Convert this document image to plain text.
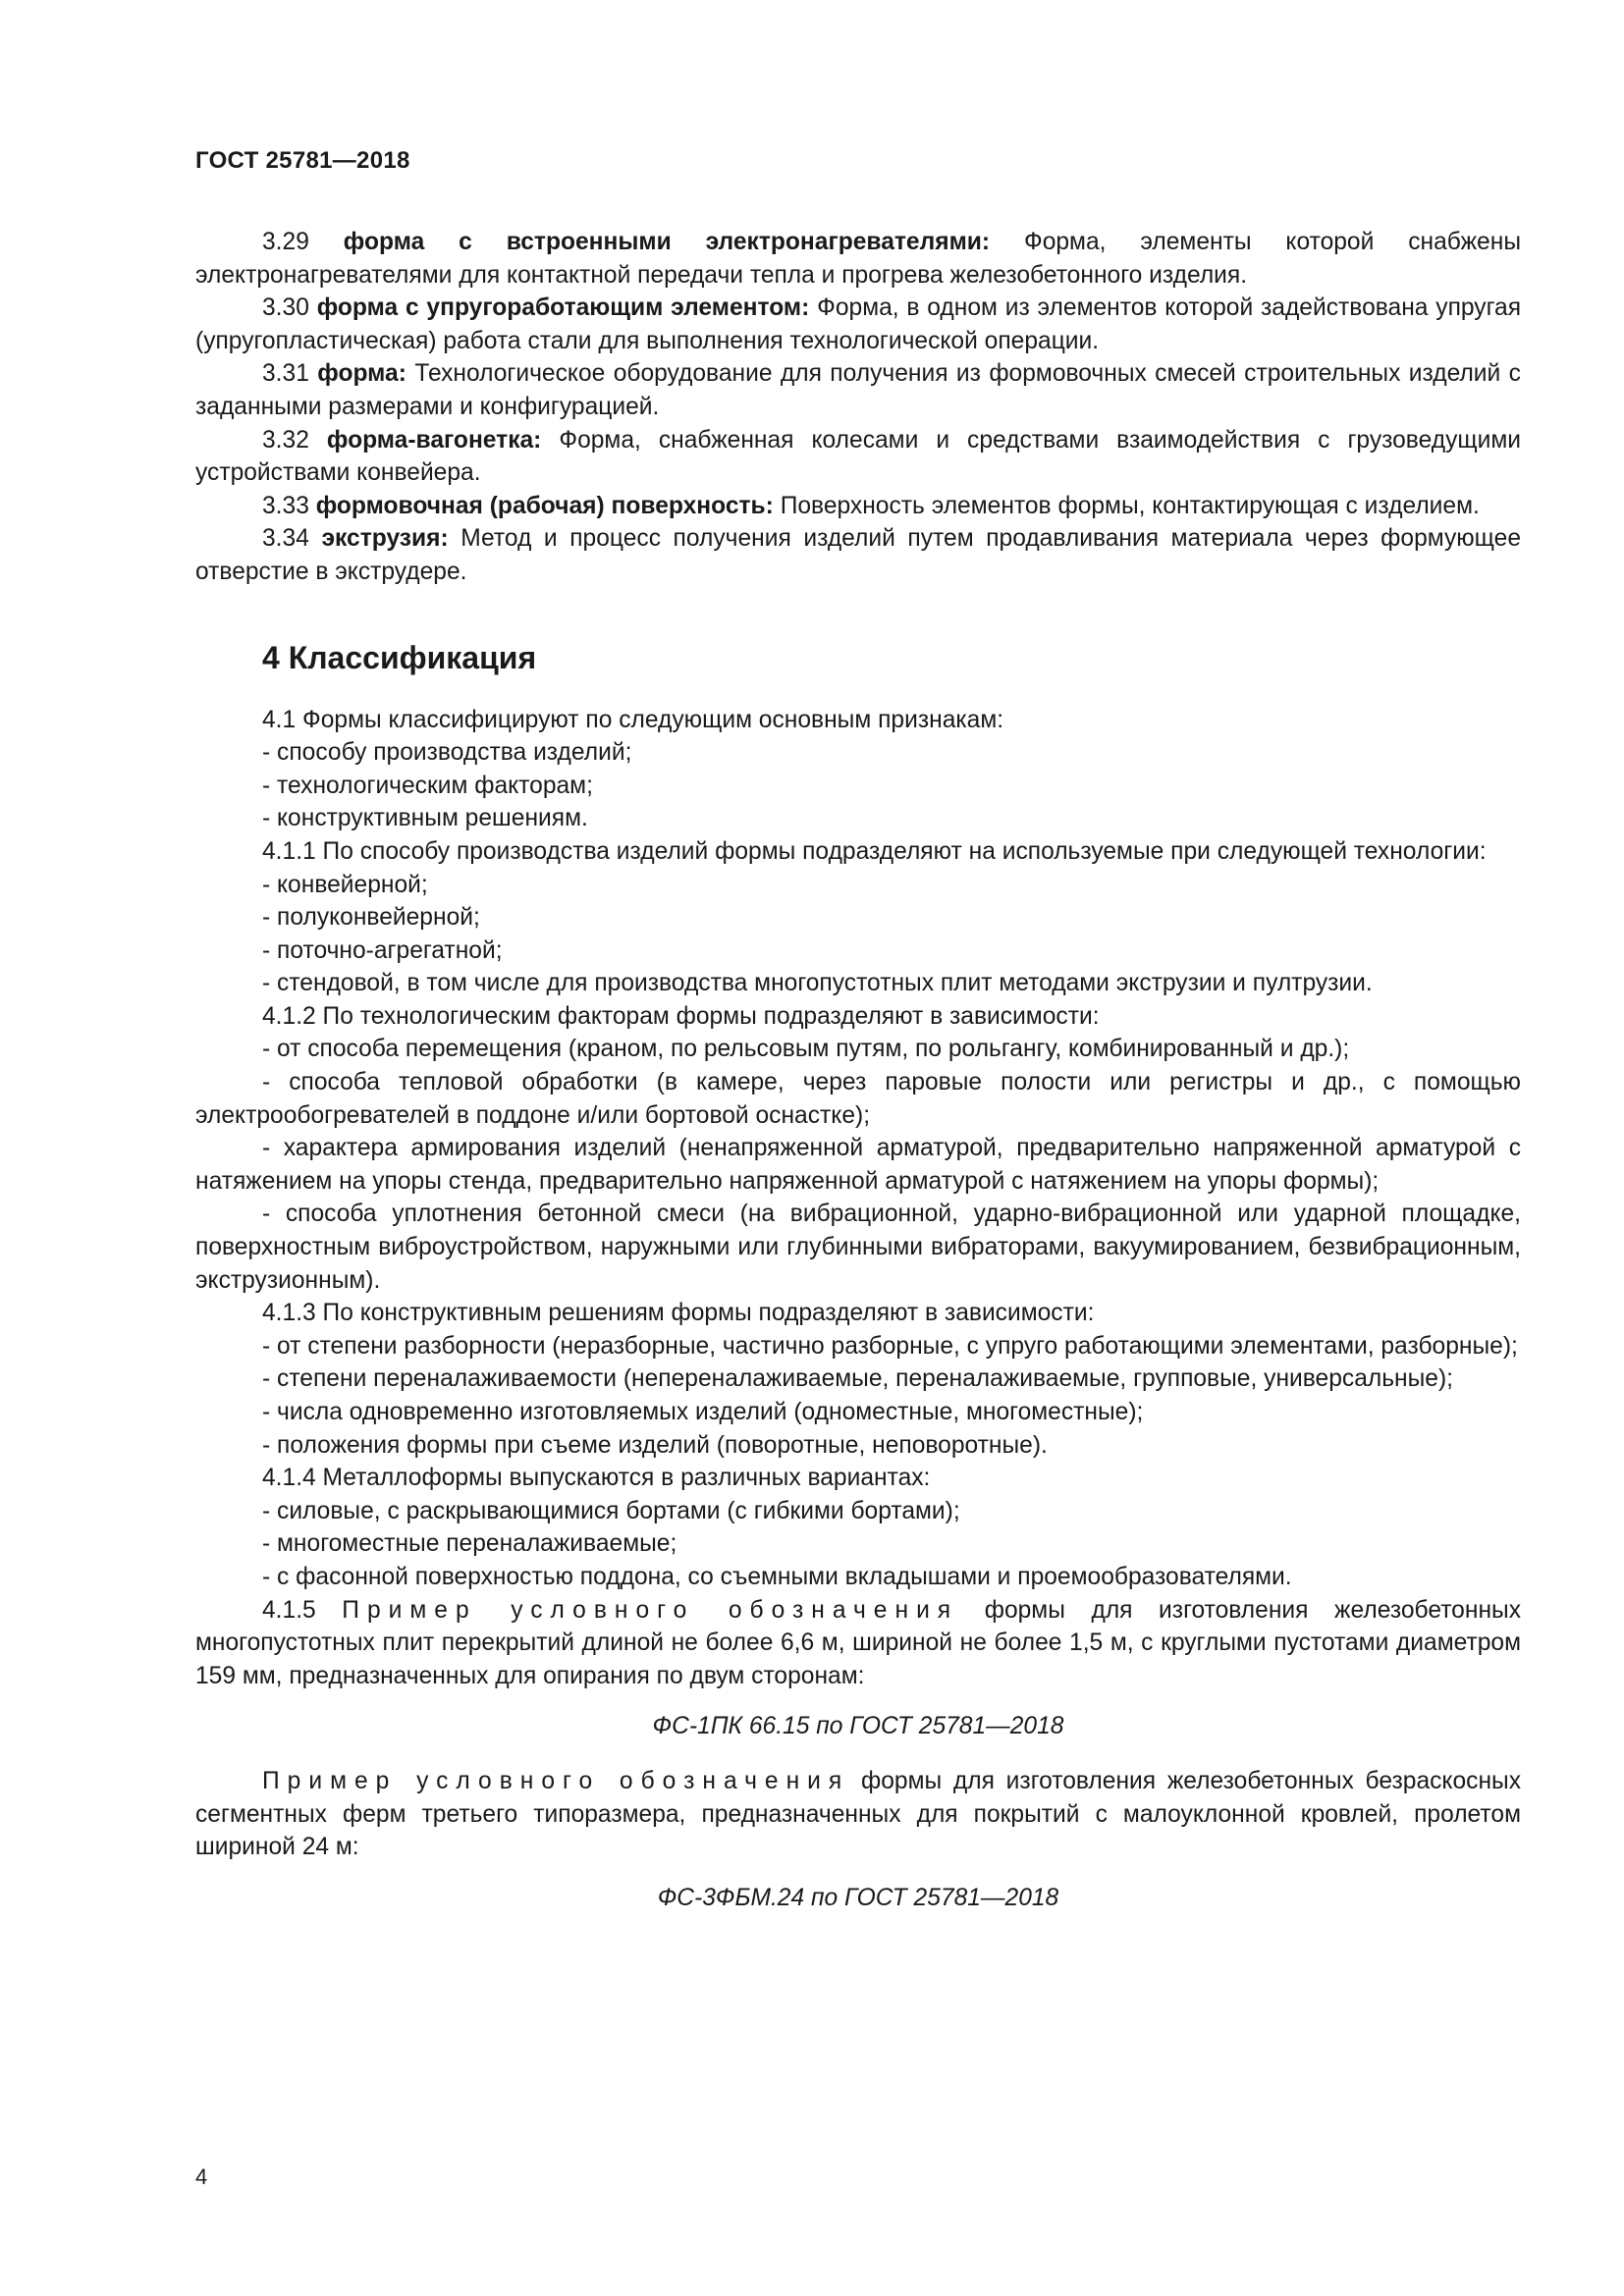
ГОСТ 25781—2018

3.29 форма с встроенными электронагревателями: Форма, элементы которой снабжены электронагревателями для контактной передачи тепла и прогрева железобетонного изделия.

3.30 форма с упругоработающим элементом: Форма, в одном из элементов которой задействована упругая (упругопластическая) работа стали для выполнения технологической операции.

3.31 форма: Технологическое оборудование для получения из формовочных смесей строительных изделий с заданными размерами и конфигурацией.

3.32 форма-вагонетка: Форма, снабженная колесами и средствами взаимодействия с грузоведущими устройствами конвейера.

3.33 формовочная (рабочая) поверхность: Поверхность элементов формы, контактирующая с изделием.

3.34 экструзия: Метод и процесс получения изделий путем продавливания материала через формующее отверстие в экструдере.

4 Классификация

4.1 Формы классифицируют по следующим основным признакам:

- способу производства изделий;

- технологическим факторам;

- конструктивным решениям.

4.1.1 По способу производства изделий формы подразделяют на используемые при следующей технологии:

- конвейерной;

- полуконвейерной;

- поточно-агрегатной;

- стендовой, в том числе для производства многопустотных плит методами экструзии и пултрузии.

4.1.2 По технологическим факторам формы подразделяют в зависимости:

- от способа перемещения (краном, по рельсовым путям, по рольгангу, комбинированный и др.);

- способа тепловой обработки (в камере, через паровые полости или регистры и др., с помощью электрообогревателей в поддоне и/или бортовой оснастке);

- характера армирования изделий (ненапряженной арматурой, предварительно напряженной арматурой с натяжением на упоры стенда, предварительно напряженной арматурой с натяжением на упоры формы);

- способа уплотнения бетонной смеси (на вибрационной, ударно-вибрационной или ударной площадке, поверхностным виброустройством, наружными или глубинными вибраторами, вакуумированием, безвибрационным, экструзионным).

4.1.3 По конструктивным решениям формы подразделяют в зависимости:

- от степени разборности (неразборные, частично разборные, с упруго работающими элементами, разборные);

- степени переналаживаемости (непереналаживаемые, переналаживаемые, групповые, универсальные);

- числа одновременно изготовляемых изделий (одноместные, многоместные);

- положения формы при съеме изделий (поворотные, неповоротные).

4.1.4 Металлоформы выпускаются в различных вариантах:

- силовые, с раскрывающимися бортами (с гибкими бортами);

- многоместные переналаживаемые;

- с фасонной поверхностью поддона, со съемными вкладышами и проемообразователями.

4.1.5 Пример условного обозначения формы для изготовления железобетонных многопустотных плит перекрытий длиной не более 6,6 м, шириной не более 1,5 м, с круглыми пустотами диаметром 159 мм, предназначенных для опирания по двум сторонам:

ФС-1ПК 66.15 по ГОСТ 25781—2018

Пример условного обозначения формы для изготовления железобетонных безраскосных сегментных ферм третьего типоразмера, предназначенных для покрытий с малоуклонной кровлей, пролетом шириной 24 м:

ФС-3ФБМ.24 по ГОСТ 25781—2018

4
